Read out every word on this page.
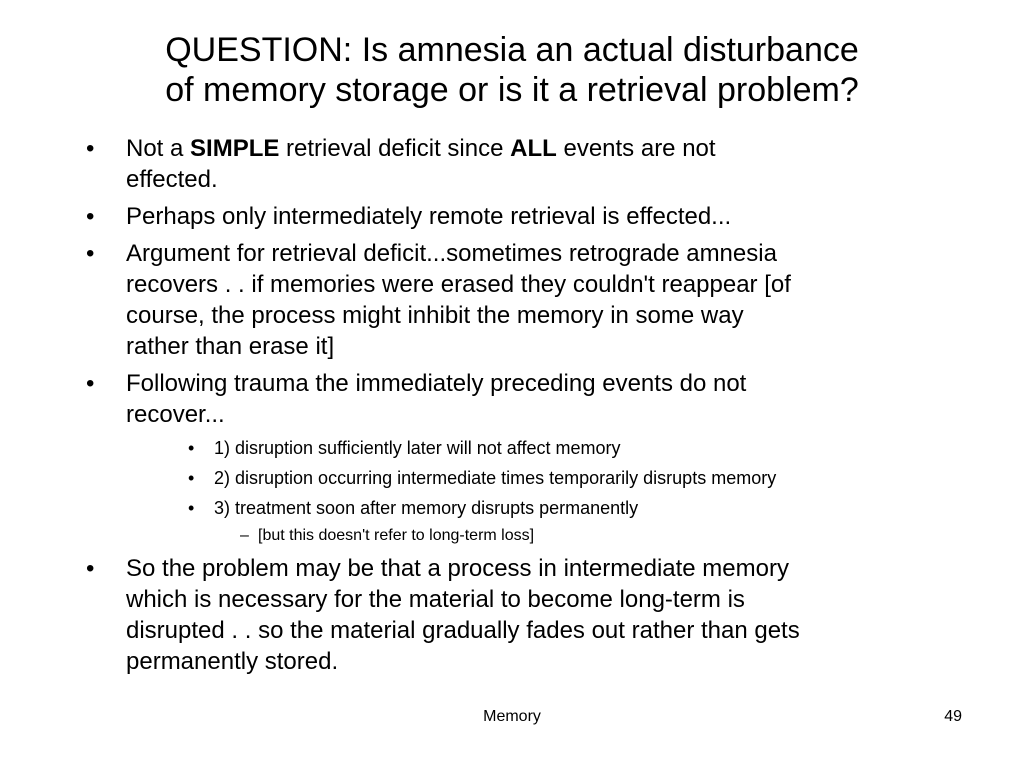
QUESTION: Is amnesia an actual disturbance
of memory storage or is it a retrieval problem?
•	Not a SIMPLE retrieval deficit since ALL events are not
effected.
•	Perhaps only intermediately remote retrieval is effected...
•	Argument for retrieval deficit...sometimes retrograde amnesia
recovers . . if memories were erased they couldn't reappear [of
course, the process might inhibit the memory in some way
rather than erase it]
•	Following trauma the immediately preceding events do not
recover...
• 1) disruption sufficiently later will not affect memory
• 2) disruption occurring intermediate times temporarily disrupts memory
• 3) treatment soon after memory disrupts permanently
– [but this doesn't refer to long-term loss]
•	So the problem may be that a process in intermediate memory
which is necessary for the material to become long-term is
disrupted . . so the material gradually fades out rather than gets
permanently stored.
Memory	49
